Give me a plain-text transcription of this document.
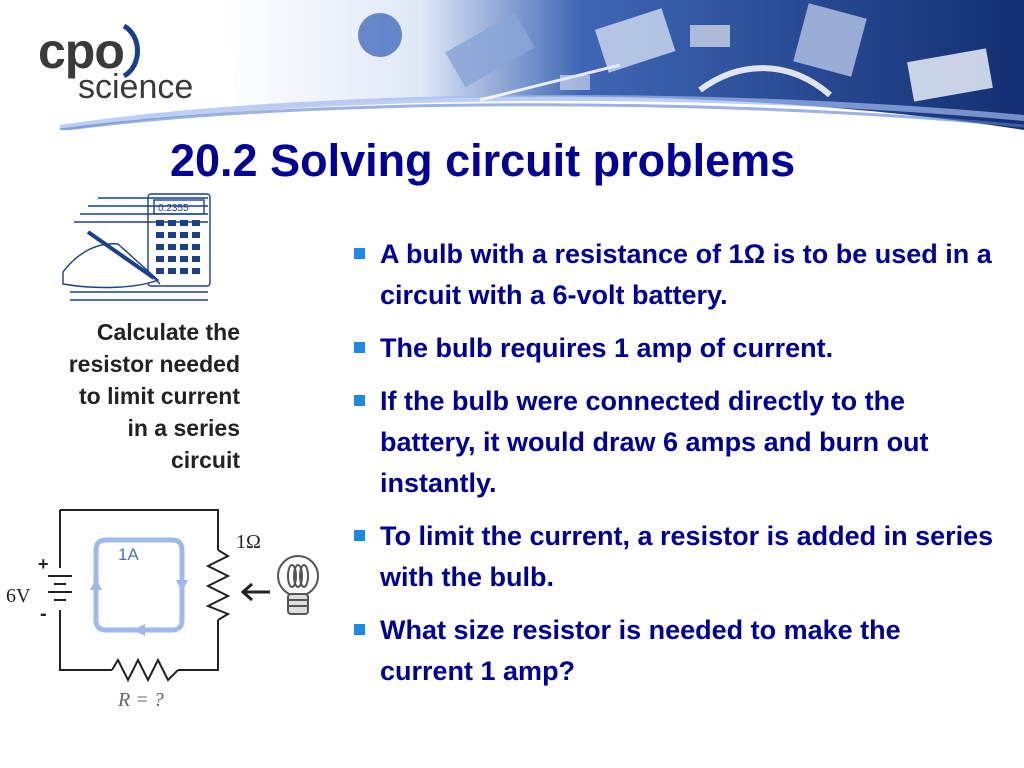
cpo
science
20.2 Solving circuit problems
0.2355
Calculate the
resistor needed
to limit current
in a series
circuit
1A
1Ω
6V
+
-
R = ?
A bulb with a resistance of 1Ω is to be used in a circuit with a 6-volt battery.
The bulb requires 1 amp of current.
If the bulb were connected directly to the battery, it would draw 6 amps and burn out instantly.
To limit the current, a resistor is added in series with the bulb.
What size resistor is needed to make the current 1 amp?
